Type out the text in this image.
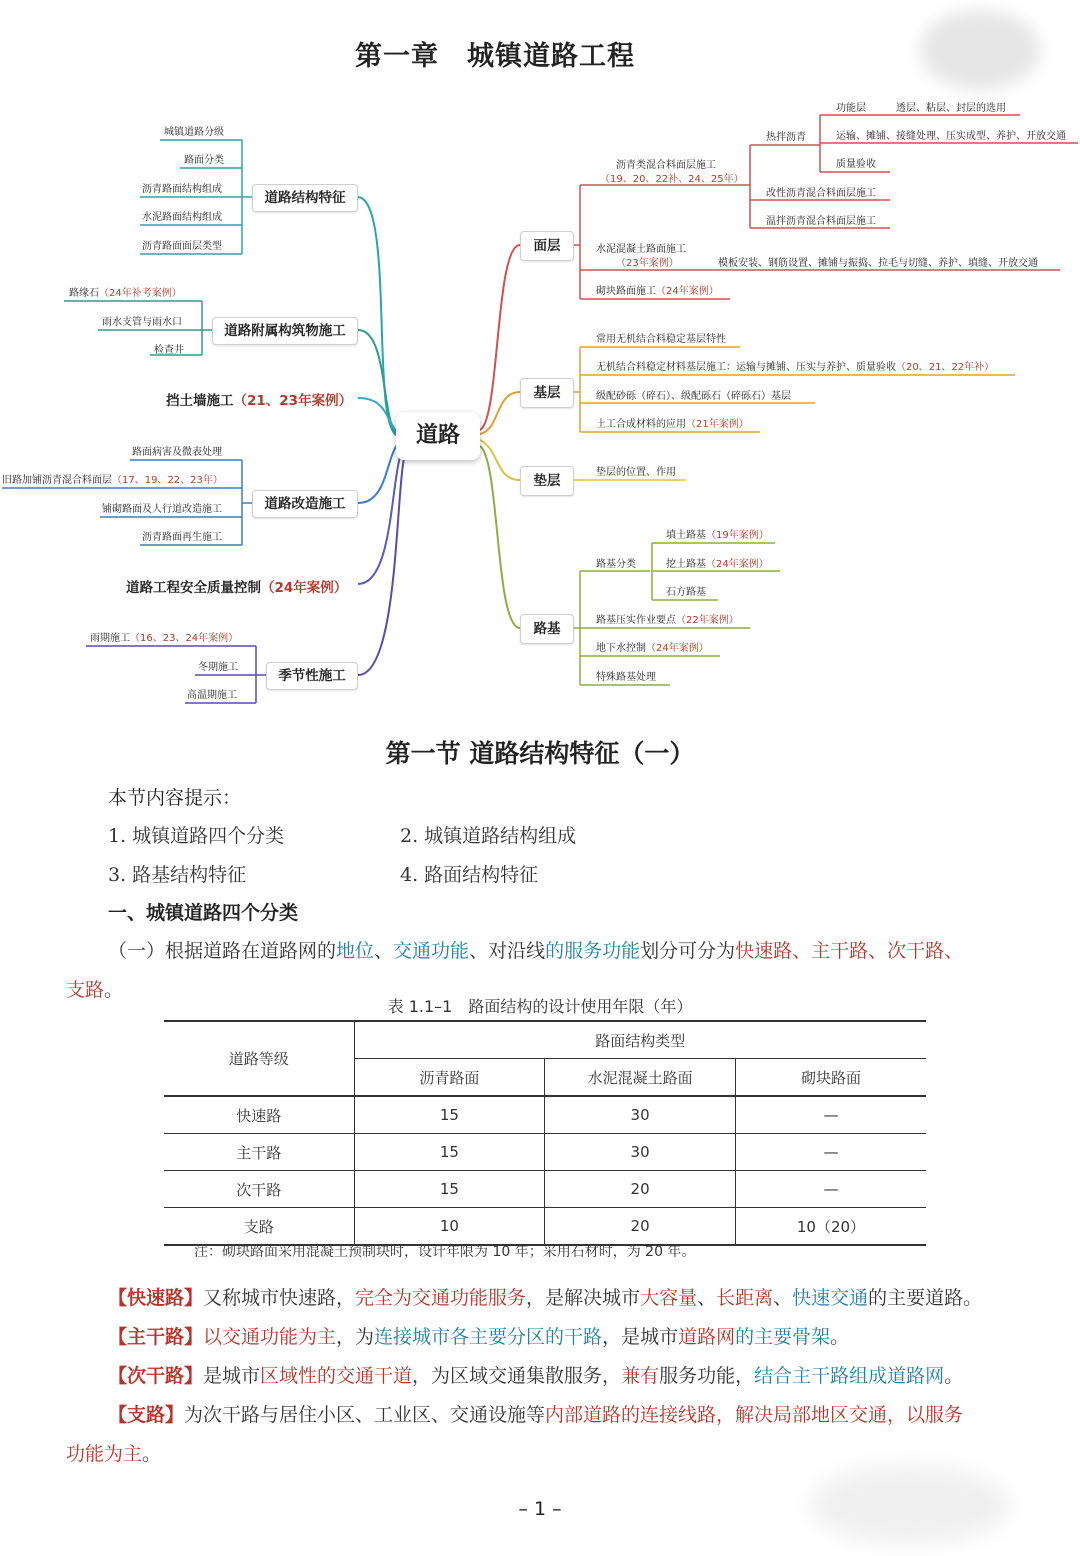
第一章　城镇道路工程
道路
道路结构特征
城镇道路分级
路面分类
沥青路面结构组成
水泥路面结构组成
沥青路面面层类型
道路附属构筑物施工
路缘石（24年补考案例）
雨水支管与雨水口
检查井
挡土墙施工（21、23年案例）
道路改造施工
路面病害及微表处理
旧路加铺沥青混合料面层（17、19、22、23年）
铺砌路面及人行道改造施工
沥青路面再生施工
道路工程安全质量控制（24年案例）
季节性施工
雨期施工（16、23、24年案例）
冬期施工
高温期施工
面层
沥青类混合料面层施工
（19、20、22补、24、25年）
热拌沥青
功能层	透层、粘层、封层的选用
运输、摊铺、接缝处理、压实成型、养护、开放交通
质量验收
改性沥青混合料面层施工
温拌沥青混合料面层施工
水泥混凝土路面施工
（23年案例）	模板安装、钢筋设置、摊铺与振捣、拉毛与切缝、养护、填缝、开放交通
砌块路面施工（24年案例）
基层
常用无机结合料稳定基层特性
无机结合料稳定材料基层施工：运输与摊铺、压实与养护、质量验收（20、21、22年补）
级配砂砾（碎石）、级配砾石（碎砾石）基层
土工合成材料的应用（21年案例）
垫层
垫层的位置、作用
路基
路基分类
填土路基（19年案例）
挖土路基（24年案例）
石方路基
路基压实作业要点（22年案例）
地下水控制（24年案例）
特殊路基处理
第一节 道路结构特征（一）
本节内容提示：
1. 城镇道路四个分类	2. 城镇道路结构组成
3. 路基结构特征	4. 路面结构特征
一、城镇道路四个分类
（一）根据道路在道路网的地位、交通功能、对沿线的服务功能划分可分为快速路、主干路、次干路、
支路。
表 1.1–1　路面结构的设计使用年限（年）
道路等级	路面结构类型		
	沥青路面	水泥混凝土路面	砌块路面
快速路	15	30	—
主干路	15	30	—
次干路	15	20	—
支路	10	20	10（20）
注：砌块路面采用混凝土预制块时，设计年限为 10 年；采用石材时，为 20 年。
【快速路】又称城市快速路，完全为交通功能服务，是解决城市大容量、长距离、快速交通的主要道路。
【主干路】以交通功能为主，为连接城市各主要分区的干路，是城市道路网的主要骨架。
【次干路】是城市区域性的交通干道，为区域交通集散服务，兼有服务功能，结合主干路组成道路网。
【支路】为次干路与居住小区、工业区、交通设施等内部道路的连接线路，解决局部地区交通，以服务
功能为主。
– 1 –
